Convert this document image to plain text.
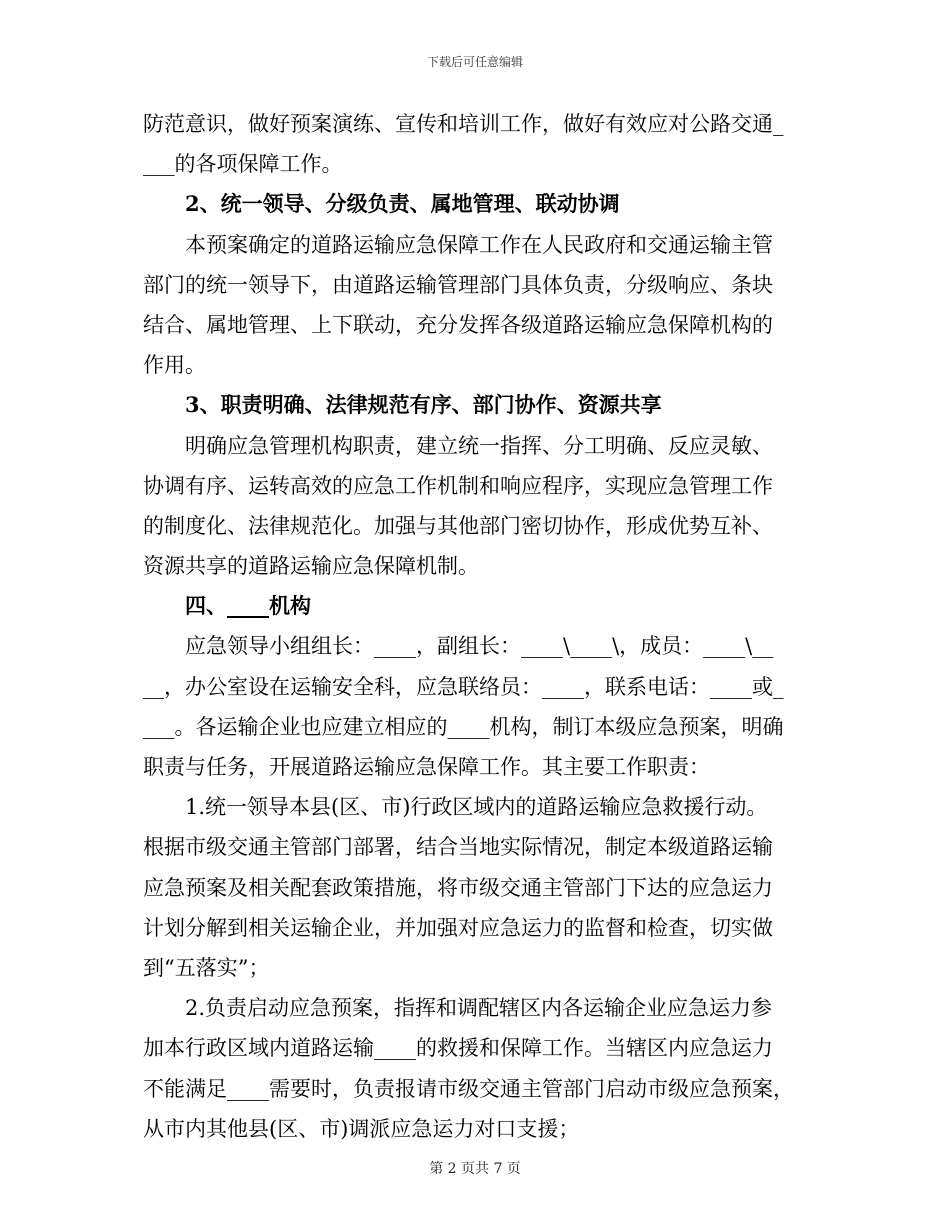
下载后可任意编辑
防范意识，做好预案演练、宣传和培训工作，做好有效应对公路交通_
___的各项保障工作。
2、统一领导、分级负责、属地管理、联动协调
本预案确定的道路运输应急保障工作在人民政府和交通运输主管
部门的统一领导下，由道路运输管理部门具体负责，分级响应、条块
结合、属地管理、上下联动，充分发挥各级道路运输应急保障机构的
作用。
3、职责明确、法律规范有序、部门协作、资源共享
明确应急管理机构职责，建立统一指挥、分工明确、反应灵敏、
协调有序、运转高效的应急工作机制和响应程序，实现应急管理工作
的制度化、法律规范化。加强与其他部门密切协作，形成优势互补、
资源共享的道路运输应急保障机制。
四、____机构
应急领导小组组长：____，副组长：____\____\，成员：____\__
__，办公室设在运输安全科，应急联络员：____，联系电话：____或_
___。各运输企业也应建立相应的____机构，制订本级应急预案，明确
职责与任务，开展道路运输应急保障工作。其主要工作职责：
1.统一领导本县(区、市)行政区域内的道路运输应急救援行动。
根据市级交通主管部门部署，结合当地实际情况，制定本级道路运输
应急预案及相关配套政策措施，将市级交通主管部门下达的应急运力
计划分解到相关运输企业，并加强对应急运力的监督和检查，切实做
到“五落实”；
2.负责启动应急预案，指挥和调配辖区内各运输企业应急运力参
加本行政区域内道路运输____的救援和保障工作。当辖区内应急运力
不能满足____需要时，负责报请市级交通主管部门启动市级应急预案，
从市内其他县(区、市)调派应急运力对口支援；
第 2 页共 7 页
